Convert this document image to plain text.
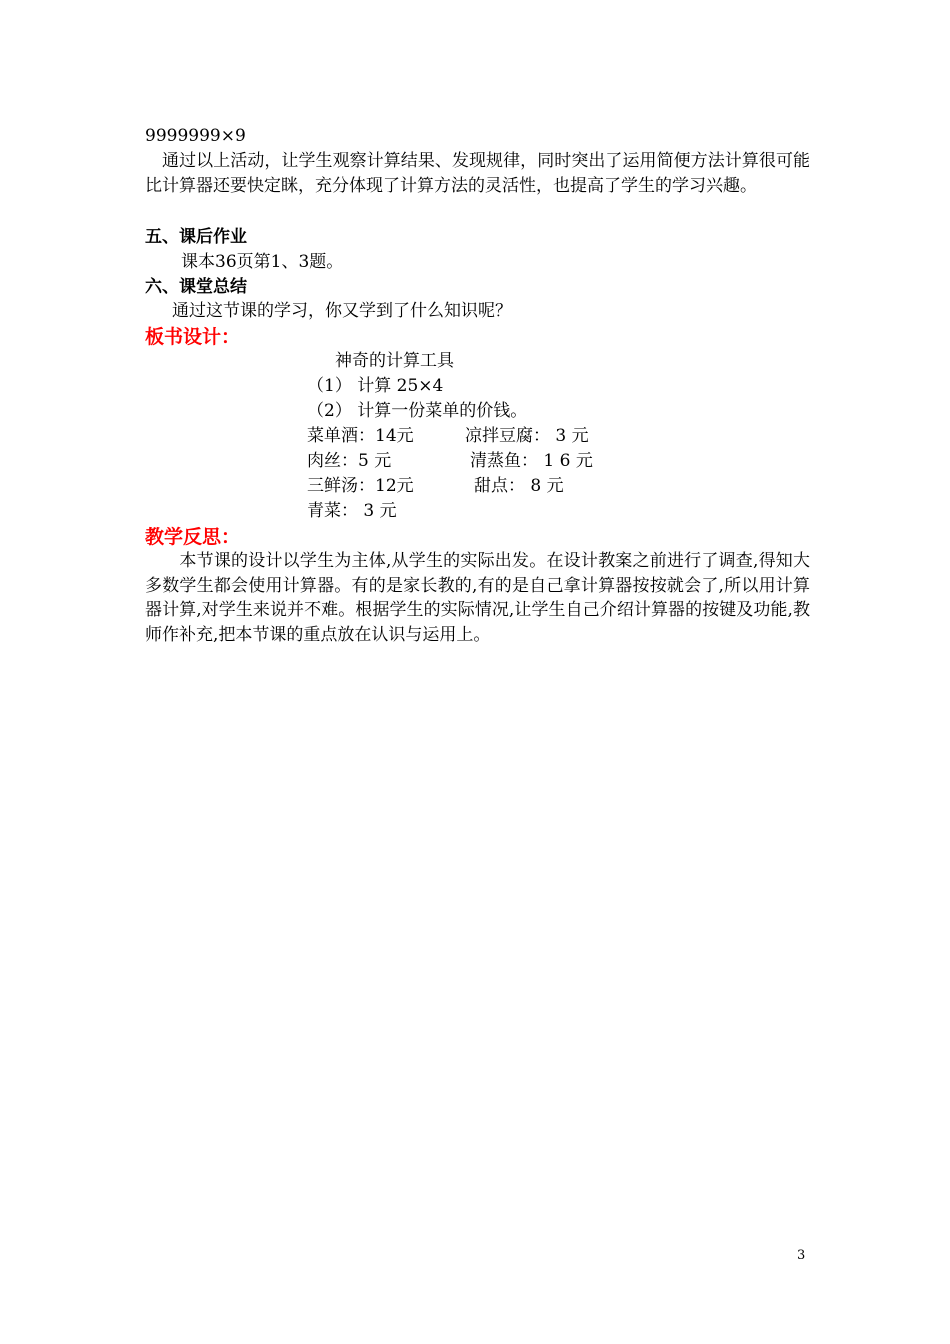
9999999×9
　通过以上活动，让学生观察计算结果、发现规律，同时突出了运用简便方法计算很可能比计算器还要快定眯，充分体现了计算方法的灵活性，也提高了学生的学习兴趣。
五、课后作业
课本36页第1、3题。
六、课堂总结
通过这节课的学习，你又学到了什么知识呢？
板书设计：
神奇的计算工具
（1） 计算 25×4
（2） 计算一份菜单的价钱。
菜单酒：14元	凉拌豆腐： 3 元
肉丝：5 元	清蒸鱼： 1 6 元
三鲜汤：12元	甜点： 8 元
青菜： 3 元
教学反思：
　　本节课的设计以学生为主体,从学生的实际出发。在设计教案之前进行了调查,得知大多数学生都会使用计算器。有的是家长教的,有的是自己拿计算器按按就会了,所以用计算器计算,对学生来说并不难。根据学生的实际情况,让学生自己介绍计算器的按键及功能,教师作补充,把本节课的重点放在认识与运用上。
3
